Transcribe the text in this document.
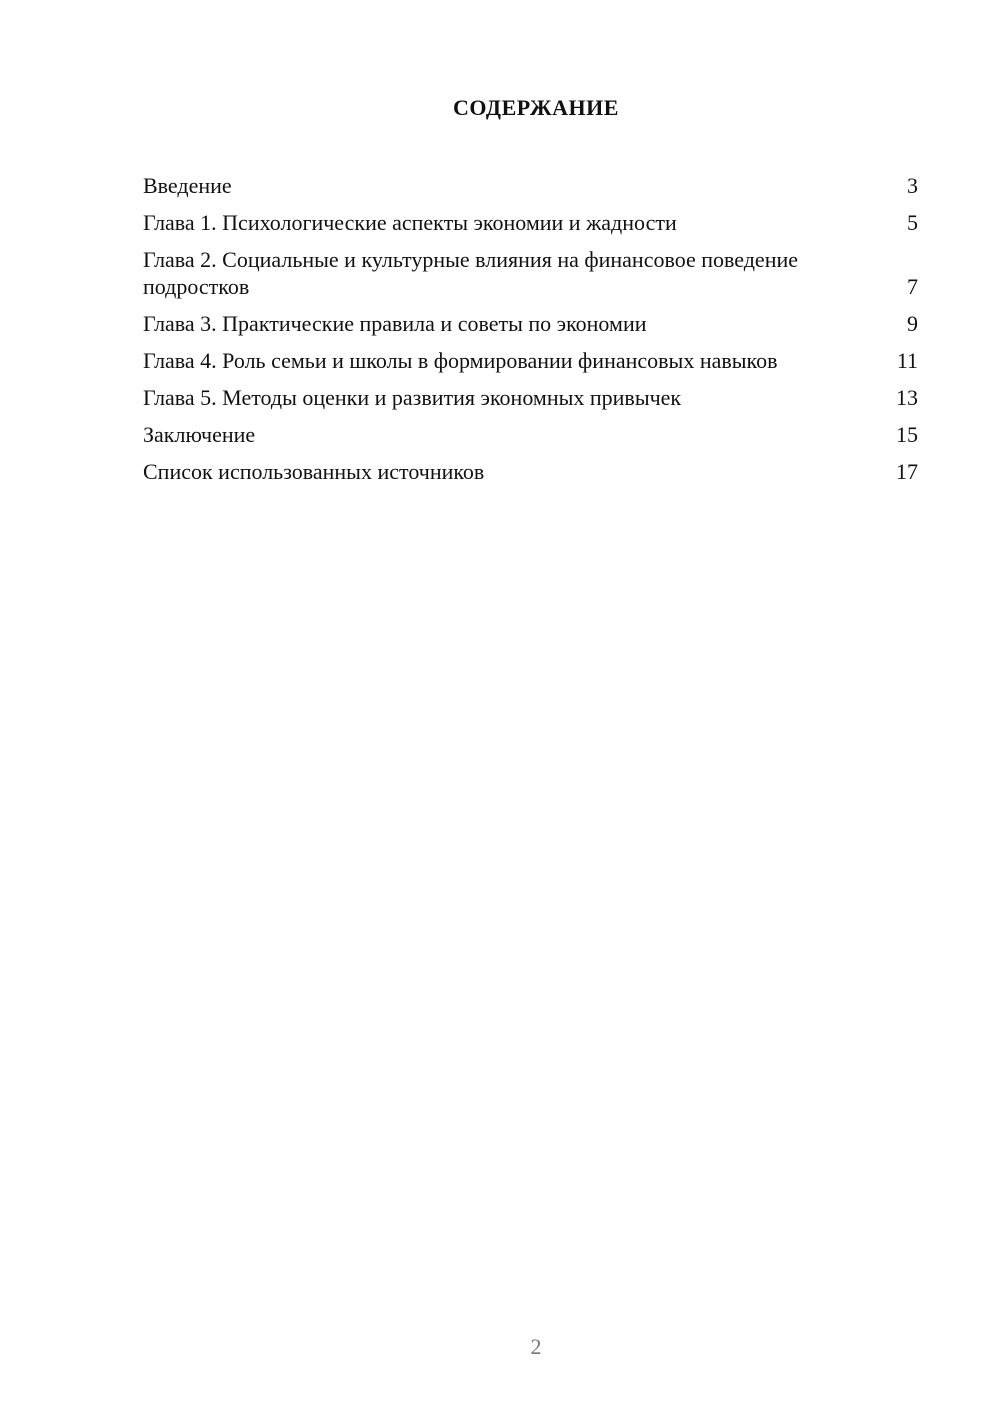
СОДЕРЖАНИЕ
Введение	3
Глава 1. Психологические аспекты экономии и жадности	5
Глава 2. Социальные и культурные влияния на финансовое поведение подростков	7
Глава 3. Практические правила и советы по экономии	9
Глава 4. Роль семьи и школы в формировании финансовых навыков	11
Глава 5. Методы оценки и развития экономных привычек	13
Заключение	15
Список использованных источников	17
2
